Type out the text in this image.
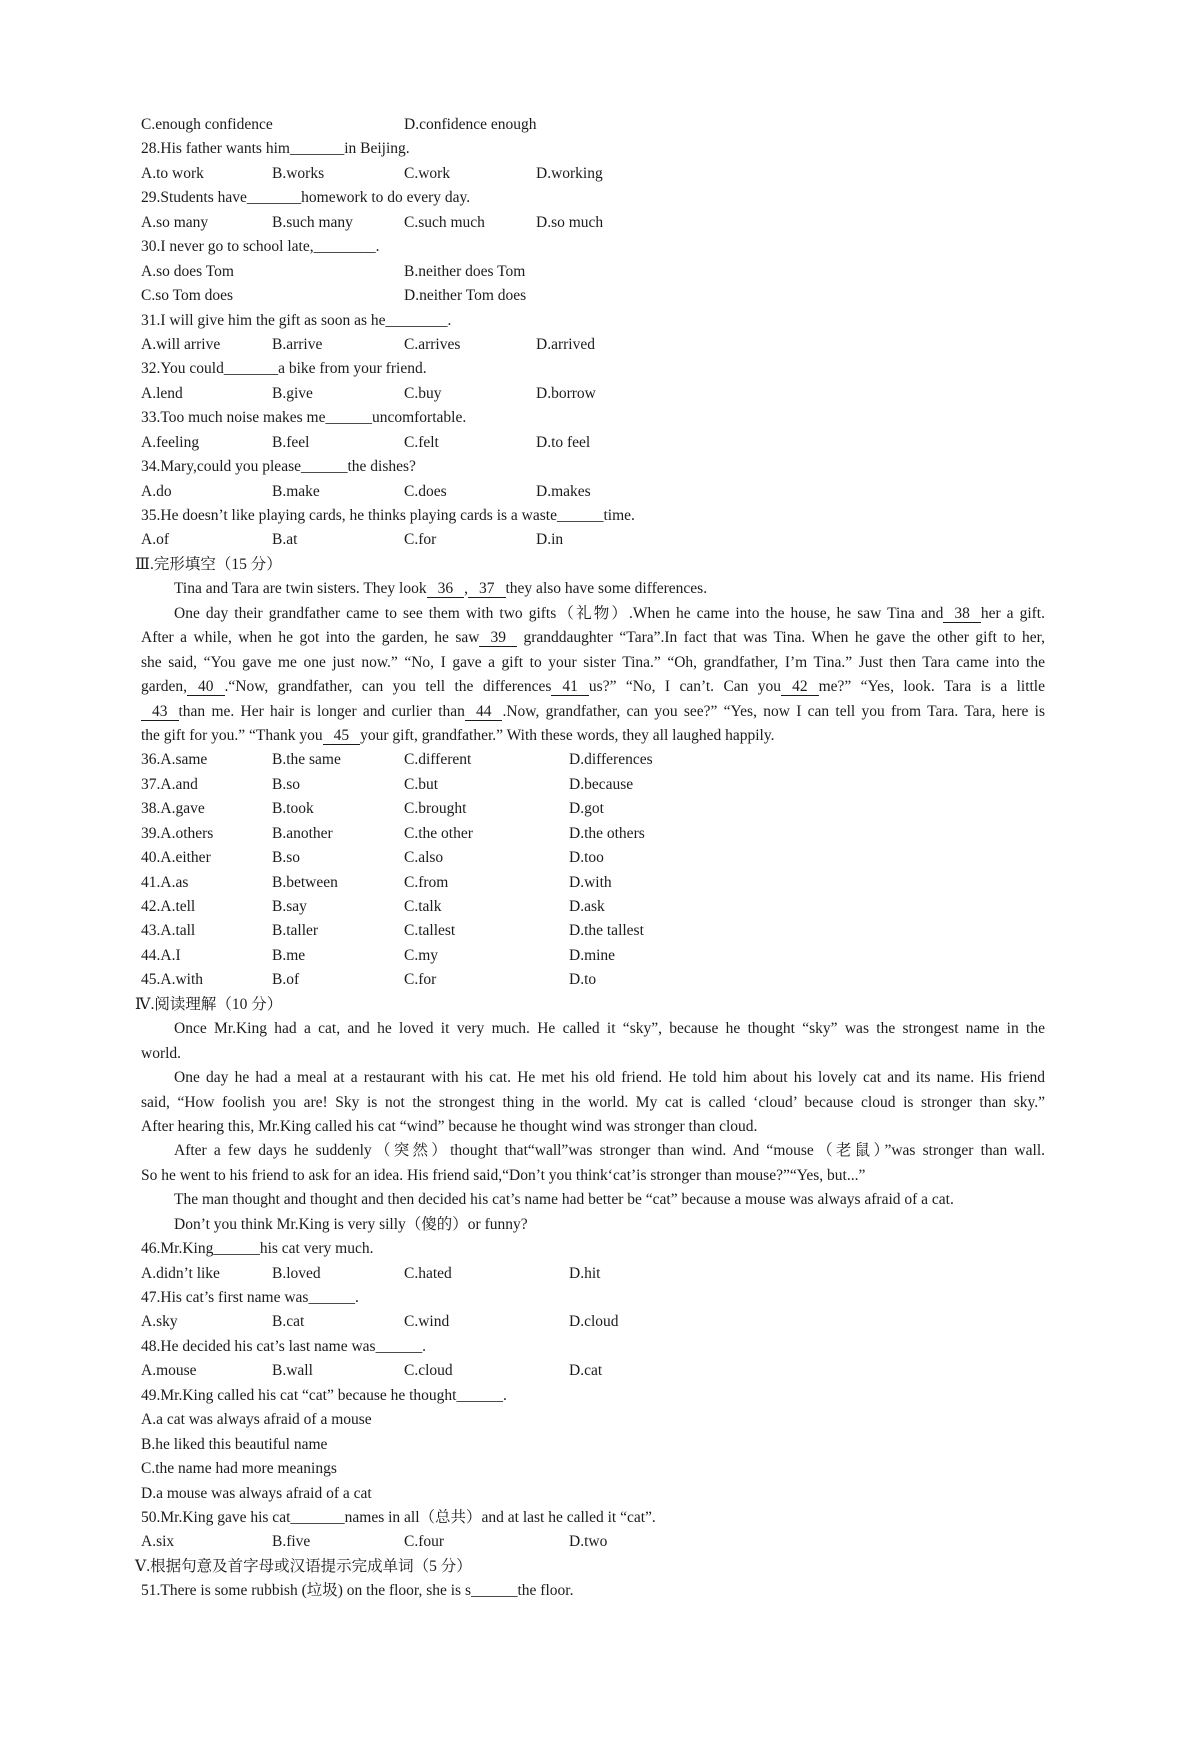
C.enough confidence	D.confidence enough
28.His father wants him_______in Beijing.
A.to work	B.works	C.work	D.working
29.Students have_______homework to do every day.
A.so many	B.such many	C.such much	D.so much
30.I never go to school late,________.
A.so does Tom	B.neither does Tom
C.so Tom does	D.neither Tom does
31.I will give him the gift as soon as he________.
A.will arrive	B.arrive	C.arrives	D.arrived
32.You could_______a bike from your friend.
A.lend	B.give	C.buy	D.borrow
33.Too much noise makes me______uncomfortable.
A.feeling	B.feel	C.felt	D.to feel
34.Mary,could you please______the dishes?
A.do	B.make	C.does	D.makes
35.He doesn’t like playing cards, he thinks playing cards is a waste______time.
A.of	B.at	C.for	D.in
Ⅲ.完形填空（15 分）
Tina and Tara are twin sisters. They look 36 , 37 they also have some differences.
One day their grandfather came to see them with two gifts（礼物）.When he came into the house, he saw Tina and 38 her a gift.
After a while, when he got into the garden, he saw 39 granddaughter “Tara”.In fact that was Tina. When he gave the other gift to her,
she said, “You gave me one just now.” “No, I gave a gift to your sister Tina.” “Oh, grandfather, I’m Tina.” Just then Tara came into the
garden, 40 .“Now, grandfather, can you tell the differences 41 us?” “No, I can’t. Can you 42 me?” “Yes, look. Tara is a little
43 than me. Her hair is longer and curlier than 44 .Now, grandfather, can you see?” “Yes, now I can tell you from Tara. Tara, here is
the gift for you.” “Thank you 45 your gift, grandfather.” With these words, they all laughed happily.
36.A.same	B.the same	C.different	D.differences
37.A.and	B.so	C.but	D.because
38.A.gave	B.took	C.brought	D.got
39.A.others	B.another	C.the other	D.the others
40.A.either	B.so	C.also	D.too
41.A.as	B.between	C.from	D.with
42.A.tell	B.say	C.talk	D.ask
43.A.tall	B.taller	C.tallest	D.the tallest
44.A.I	B.me	C.my	D.mine
45.A.with	B.of	C.for	D.to
Ⅳ.阅读理解（10 分）
Once Mr.King had a cat, and he loved it very much. He called it “sky”, because he thought “sky” was the strongest name in the
world.
One day he had a meal at a restaurant with his cat. He met his old friend. He told him about his lovely cat and its name. His friend
said, “How foolish you are! Sky is not the strongest thing in the world. My cat is called ‘cloud’ because cloud is stronger than sky.”
After hearing this, Mr.King called his cat “wind” because he thought wind was stronger than cloud.
After a few days he suddenly（突然）thought that“wall”was stronger than wind. And “mouse（老鼠）”was stronger than wall.
So he went to his friend to ask for an idea. His friend said,“Don’t you think‘cat’is stronger than mouse?”“Yes, but...”
The man thought and thought and then decided his cat’s name had better be “cat” because a mouse was always afraid of a cat.
Don’t you think Mr.King is very silly（傻的）or funny?
46.Mr.King______his cat very much.
A.didn’t like	B.loved	C.hated	D.hit
47.His cat’s first name was______.
A.sky	B.cat	C.wind	D.cloud
48.He decided his cat’s last name was______.
A.mouse	B.wall	C.cloud	D.cat
49.Mr.King called his cat “cat” because he thought______.
A.a cat was always afraid of a mouse
B.he liked this beautiful name
C.the name had more meanings
D.a mouse was always afraid of a cat
50.Mr.King gave his cat_______names in all（总共）and at last he called it “cat”.
A.six	B.five	C.four	D.two
Ⅴ.根据句意及首字母或汉语提示完成单词（5 分）
51.There is some rubbish (垃圾) on the floor, she is s______the floor.
